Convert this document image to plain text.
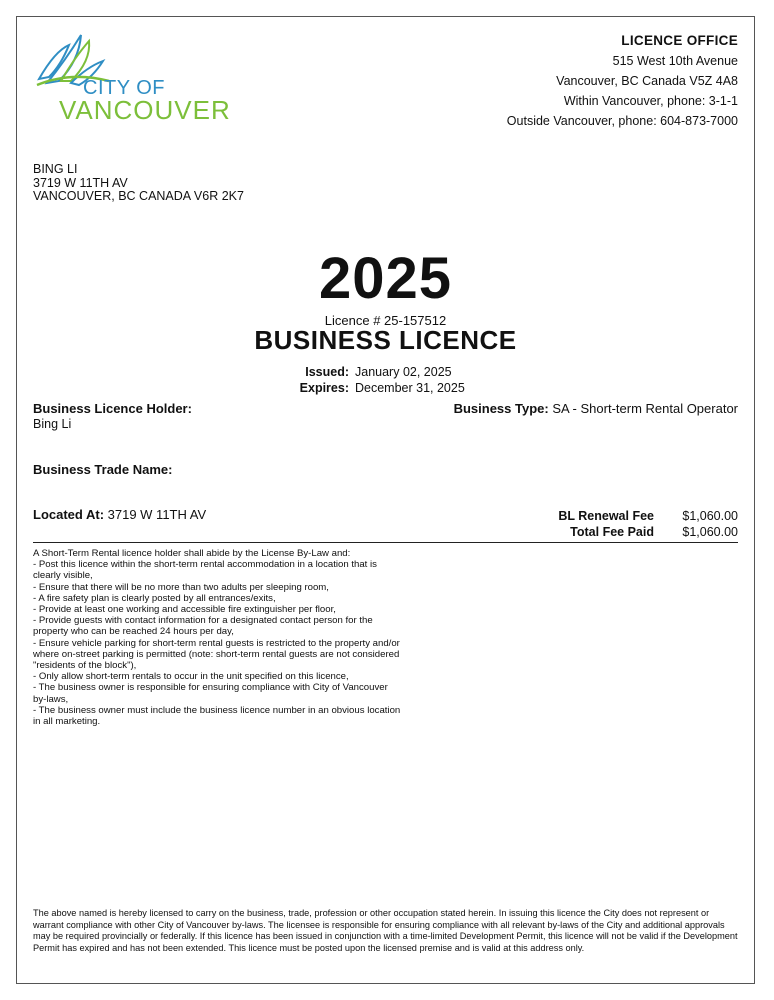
CITY OF
VANCOUVER
LICENCE OFFICE
515 West 10th Avenue
Vancouver, BC Canada V5Z 4A8
Within Vancouver, phone: 3-1-1
Outside Vancouver, phone: 604-873-7000
BING LI
3719 W 11TH AV
VANCOUVER, BC CANADA V6R 2K7
2025
Licence # 25-157512
BUSINESS LICENCE
Issued: January 02, 2025
Expires: December 31, 2025
Business Licence Holder:
Bing Li
Business Type: SA - Short-term Rental Operator
Business Trade Name:
Located At: 3719 W 11TH AV	BL Renewal Fee	$1,060.00
Total Fee Paid	$1,060.00
A Short-Term Rental licence holder shall abide by the License By-Law and:
- Post this licence within the short-term rental accommodation in a location that is clearly visible,
- Ensure that there will be no more than two adults per sleeping room,
- A fire safety plan is clearly posted by all entrances/exits,
- Provide at least one working and accessible fire extinguisher per floor,
- Provide guests with contact information for a designated contact person for the property who can be reached 24 hours per day,
- Ensure vehicle parking for short-term rental guests is restricted to the property and/or where on-street parking is permitted (note: short-term rental guests are not considered "residents of the block"),
- Only allow short-term rentals to occur in the unit specified on this licence,
- The business owner is responsible for ensuring compliance with City of Vancouver by-laws,
- The business owner must include the business licence number in an obvious location in all marketing.
The above named is hereby licensed to carry on the business, trade, profession or other occupation stated herein. In issuing this licence the City does not represent or warrant compliance with other City of Vancouver by-laws. The licensee is responsible for ensuring compliance with all relevant by-laws of the City and additional approvals may be required provincially or federally. If this licence has been issued in conjunction with a time-limited Development Permit, this licence will not be valid if the Development Permit has expired and has not been extended. This licence must be posted upon the licensed premise and is valid at this address only.
